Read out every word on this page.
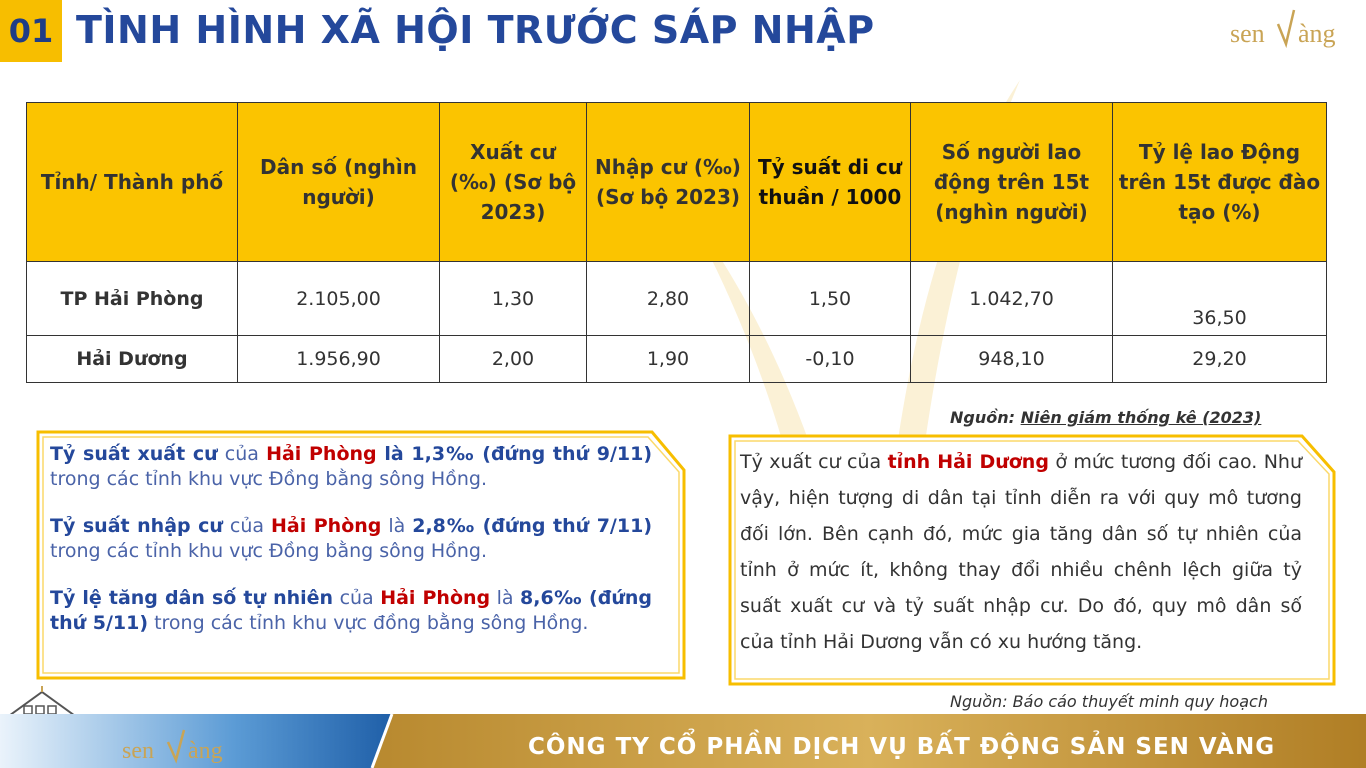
01 TÌNH HÌNH XÃ HỘI TRƯỚC SÁP NHẬP	sen àng
Tỉnh/ Thành phố	Dân số (nghìn người)	Xuất cư (‰) (Sơ bộ 2023)	Nhập cư (‰) (Sơ bộ 2023)	Tỷ suất di cư thuần / 1000	Số người lao động trên 15t (nghìn người)	Tỷ lệ lao Động trên 15t được đào tạo (%)
TP Hải Phòng	2.105,00	1,30	2,80	1,50	1.042,70	36,50
Hải Dương	1.956,90	2,00	1,90	-0,10	948,10	29,20
Nguồn: Niên giám thống kê (2023)

Tỷ suất xuất cư của Hải Phòng là 1,3‰ (đứng thứ 9/11) trong các tỉnh khu vực Đồng bằng sông Hồng.

Tỷ suất nhập cư của Hải Phòng là 2,8‰ (đứng thứ 7/11) trong các tỉnh khu vực Đồng bằng sông Hồng.

Tỷ lệ tăng dân số tự nhiên của Hải Phòng là 8,6‰ (đứng thứ 5/11) trong các tỉnh khu vực đồng bằng sông Hồng.

Tỷ xuất cư của tỉnh Hải Dương ở mức tương đối cao. Như vậy, hiện tượng di dân tại tỉnh diễn ra với quy mô tương đối lớn. Bên cạnh đó, mức gia tăng dân số tự nhiên của tỉnh ở mức ít, không thay đổi nhiều chênh lệch giữa tỷ suất xuất cư và tỷ suất nhập cư. Do đó, quy mô dân số của tỉnh Hải Dương vẫn có xu hướng tăng.
Nguồn: Báo cáo thuyết minh quy hoạch
sen àng	CÔNG TY CỔ PHẦN DỊCH VỤ BẤT ĐỘNG SẢN SEN VÀNG
